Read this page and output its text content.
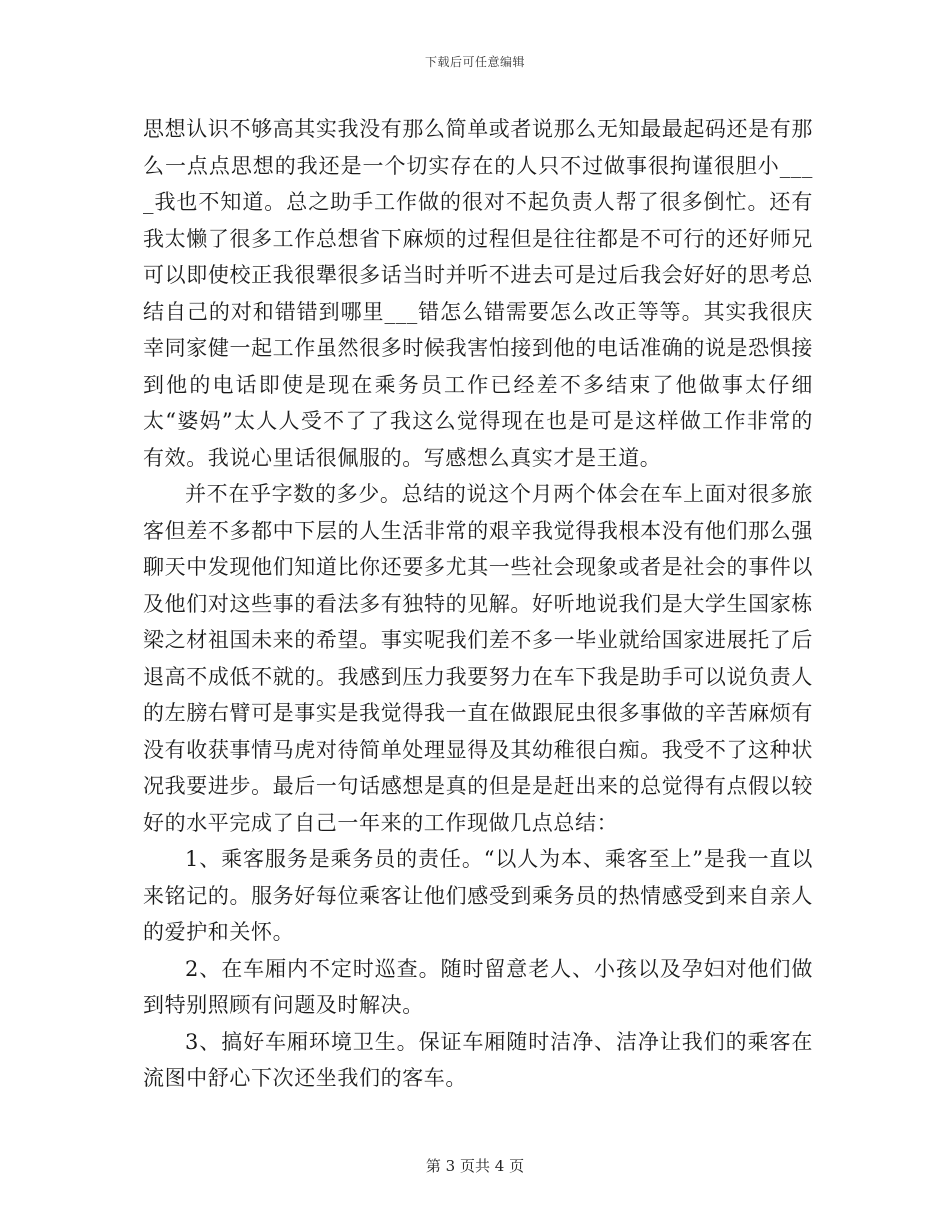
下载后可任意编辑

思想认识不够高其实我没有那么简单或者说那么无知最最起码还是有那么一点点思想的我还是一个切实存在的人只不过做事很拘谨很胆小____我也不知道。总之助手工作做的很对不起负责人帮了很多倒忙。还有我太懒了很多工作总想省下麻烦的过程但是往往都是不可行的还好师兄可以即使校正我很犟很多话当时并听不进去可是过后我会好好的思考总结自己的对和错错到哪里___错怎么错需要怎么改正等等。其实我很庆幸同家健一起工作虽然很多时候我害怕接到他的电话准确的说是恐惧接到他的电话即使是现在乘务员工作已经差不多结束了他做事太仔细太“婆妈”太人人受不了了我这么觉得现在也是可是这样做工作非常的有效。我说心里话很佩服的。写感想么真实才是王道。

并不在乎字数的多少。总结的说这个月两个体会在车上面对很多旅客但差不多都中下层的人生活非常的艰辛我觉得我根本没有他们那么强聊天中发现他们知道比你还要多尤其一些社会现象或者是社会的事件以及他们对这些事的看法多有独特的见解。好听地说我们是大学生国家栋梁之材祖国未来的希望。事实呢我们差不多一毕业就给国家进展托了后退高不成低不就的。我感到压力我要努力在车下我是助手可以说负责人的左膀右臂可是事实是我觉得我一直在做跟屁虫很多事做的辛苦麻烦有没有收获事情马虎对待简单处理显得及其幼稚很白痴。我受不了这种状况我要进步。最后一句话感想是真的但是是赶出来的总觉得有点假以较好的水平完成了自己一年来的工作现做几点总结：

1、乘客服务是乘务员的责任。“以人为本、乘客至上”是我一直以来铭记的。服务好每位乘客让他们感受到乘务员的热情感受到来自亲人的爱护和关怀。

2、在车厢内不定时巡查。随时留意老人、小孩以及孕妇对他们做到特别照顾有问题及时解决。

3、搞好车厢环境卫生。保证车厢随时洁净、洁净让我们的乘客在流图中舒心下次还坐我们的客车。

第 3 页共 4 页
